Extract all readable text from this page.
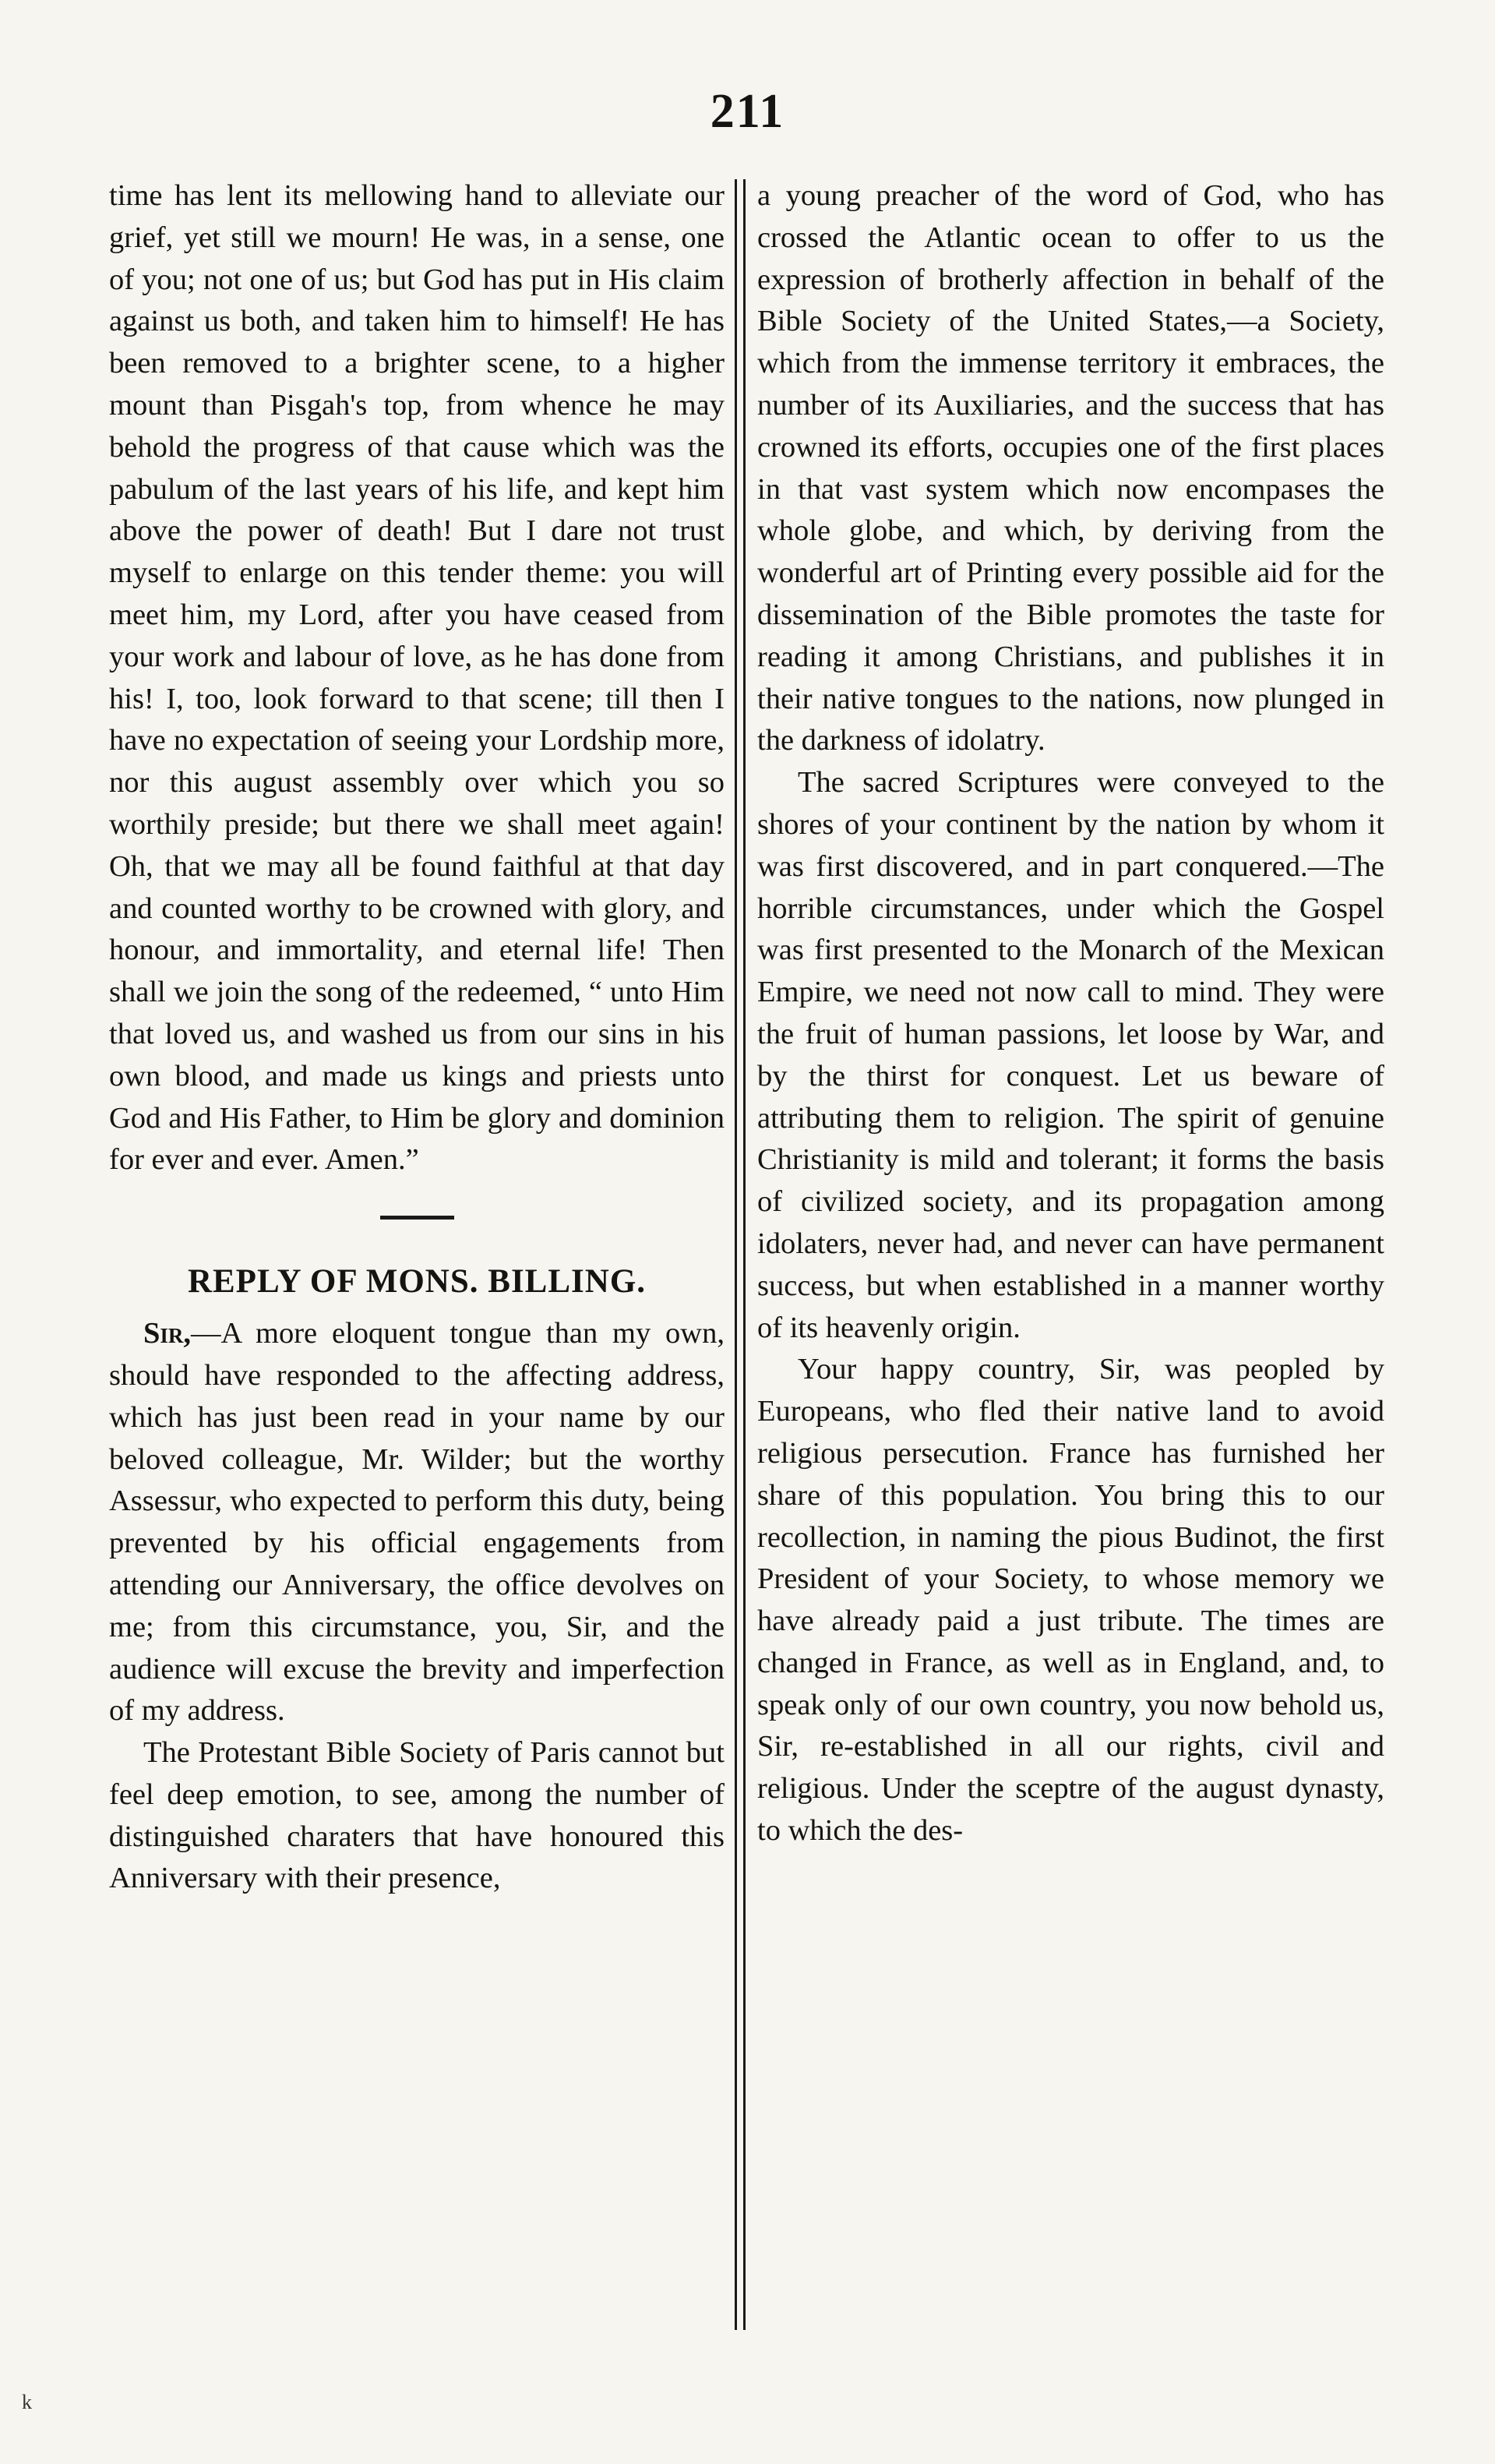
211

time has lent its mellowing hand to alleviate our grief, yet still we mourn! He was, in a sense, one of you; not one of us; but God has put in His claim against us both, and taken him to himself! He has been removed to a brighter scene, to a higher mount than Pisgah's top, from whence he may behold the progress of that cause which was the pabulum of the last years of his life, and kept him above the power of death! But I dare not trust myself to enlarge on this tender theme: you will meet him, my Lord, after you have ceased from your work and labour of love, as he has done from his! I, too, look forward to that scene; till then I have no expectation of seeing your Lordship more, nor this august assembly over which you so worthily preside; but there we shall meet again! Oh, that we may all be found faithful at that day and counted worthy to be crowned with glory, and honour, and immortality, and eternal life! Then shall we join the song of the redeemed, “ unto Him that loved us, and washed us from our sins in his own blood, and made us kings and priests unto God and His Father, to Him be glory and dominion for ever and ever. Amen.”

REPLY OF MONS. BILLING.

Sir,—A more eloquent tongue than my own, should have responded to the affecting address, which has just been read in your name by our beloved colleague, Mr. Wilder; but the worthy Assessur, who expected to perform this duty, being prevented by his official engagements from attending our Anniversary, the office devolves on me; from this circumstance, you, Sir, and the audience will excuse the brevity and imperfection of my address.

The Protestant Bible Society of Paris cannot but feel deep emotion, to see, among the number of distinguished charaters that have honoured this Anniversary with their presence,

a young preacher of the word of God, who has crossed the Atlantic ocean to offer to us the expression of brotherly affection in behalf of the Bible Society of the United States,—a Society, which from the immense territory it embraces, the number of its Auxiliaries, and the success that has crowned its efforts, occupies one of the first places in that vast system which now encompases the whole globe, and which, by deriving from the wonderful art of Printing every possible aid for the dissemination of the Bible promotes the taste for reading it among Christians, and publishes it in their native tongues to the nations, now plunged in the darkness of idolatry.

The sacred Scriptures were conveyed to the shores of your continent by the nation by whom it was first discovered, and in part conquered.—The horrible circumstances, under which the Gospel was first presented to the Monarch of the Mexican Empire, we need not now call to mind. They were the fruit of human passions, let loose by War, and by the thirst for conquest. Let us beware of attributing them to religion. The spirit of genuine Christianity is mild and tolerant; it forms the basis of civilized society, and its propagation among idolaters, never had, and never can have permanent success, but when established in a manner worthy of its heavenly origin.

Your happy country, Sir, was peopled by Europeans, who fled their native land to avoid religious persecution. France has furnished her share of this population. You bring this to our recollection, in naming the pious Budinot, the first President of your Society, to whose memory we have already paid a just tribute. The times are changed in France, as well as in England, and, to speak only of our own country, you now behold us, Sir, re-established in all our rights, civil and religious. Under the sceptre of the august dynasty, to which the des-

k
